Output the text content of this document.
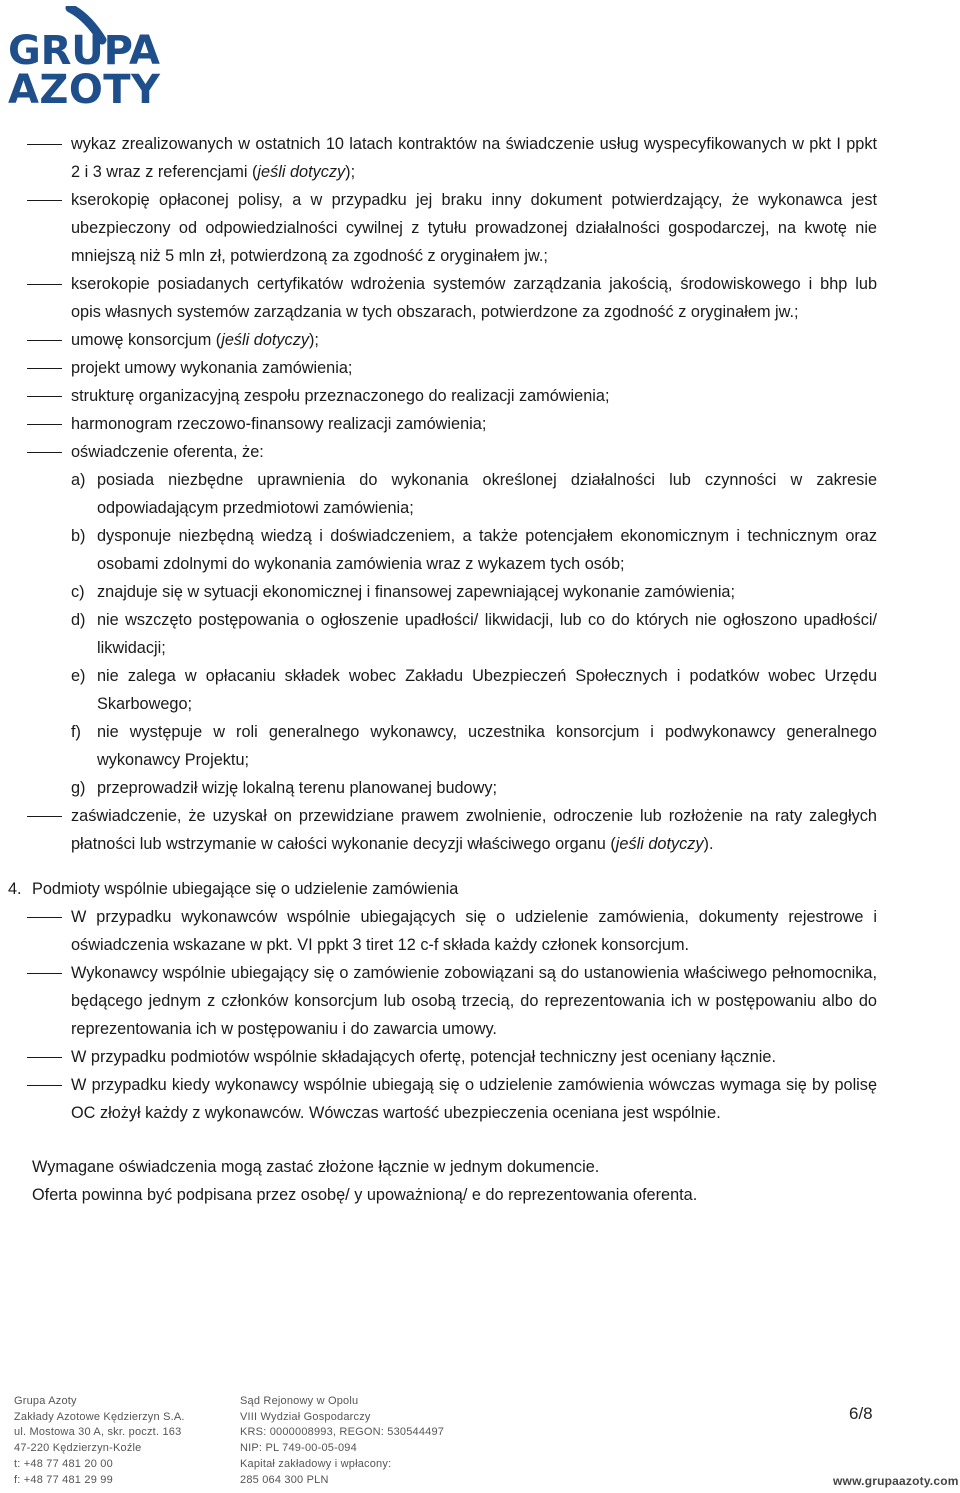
GRUPA
AZOTY
wykaz zrealizowanych w ostatnich 10 latach kontraktów na świadczenie usług wyspecyfikowanych w pkt I ppkt 2 i 3 wraz z referencjami (jeśli dotyczy);
kserokopię opłaconej polisy, a w przypadku jej braku inny dokument potwierdzający, że wykonawca jest ubezpieczony od odpowiedzialności cywilnej z tytułu prowadzonej działalności gospodarczej, na kwotę nie mniejszą niż 5 mln zł, potwierdzoną za zgodność z oryginałem jw.;
kserokopie posiadanych certyfikatów wdrożenia systemów zarządzania jakością, środowiskowego i bhp lub opis własnych systemów zarządzania w tych obszarach, potwierdzone za zgodność z oryginałem jw.;
umowę konsorcjum (jeśli dotyczy);
projekt umowy wykonania zamówienia;
strukturę organizacyjną zespołu przeznaczonego do realizacji zamówienia;
harmonogram rzeczowo-finansowy realizacji zamówienia;
oświadczenie oferenta, że:
a) posiada niezbędne uprawnienia do wykonania określonej działalności lub czynności w zakresie odpowiadającym przedmiotowi zamówienia;
b) dysponuje niezbędną wiedzą i doświadczeniem, a także potencjałem ekonomicznym i technicznym oraz osobami zdolnymi do wykonania zamówienia wraz z wykazem tych osób;
c) znajduje się w sytuacji ekonomicznej i finansowej zapewniającej wykonanie zamówienia;
d) nie wszczęto postępowania o ogłoszenie upadłości/ likwidacji, lub co do których nie ogłoszono upadłości/ likwidacji;
e) nie zalega w opłacaniu składek wobec Zakładu Ubezpieczeń Społecznych i podatków wobec Urzędu Skarbowego;
f) nie występuje w roli generalnego wykonawcy, uczestnika konsorcjum i podwykonawcy generalnego wykonawcy Projektu;
g) przeprowadził wizję lokalną terenu planowanej budowy;
zaświadczenie, że uzyskał on przewidziane prawem zwolnienie, odroczenie lub rozłożenie na raty zaległych płatności lub wstrzymanie w całości wykonanie decyzji właściwego organu (jeśli dotyczy).
4. Podmioty wspólnie ubiegające się o udzielenie zamówienia
W przypadku wykonawców wspólnie ubiegających się o udzielenie zamówienia, dokumenty rejestrowe i oświadczenia wskazane w pkt. VI ppkt 3 tiret 12 c-f składa każdy członek konsorcjum.
Wykonawcy wspólnie ubiegający się o zamówienie zobowiązani są do ustanowienia właściwego pełnomocnika, będącego jednym z członków konsorcjum lub osobą trzecią, do reprezentowania ich w postępowaniu albo do reprezentowania ich w postępowaniu i do zawarcia umowy.
W przypadku podmiotów wspólnie składających ofertę, potencjał techniczny jest oceniany łącznie.
W przypadku kiedy wykonawcy wspólnie ubiegają się o udzielenie zamówienia wówczas wymaga się by polisę OC złożył każdy z wykonawców. Wówczas wartość ubezpieczenia oceniana jest wspólnie.

Wymagane oświadczenia mogą zastać złożone łącznie w jednym dokumencie.

Oferta powinna być podpisana przez osobę/ y upoważnioną/ e do reprezentowania oferenta.

Grupa Azoty
Zakłady Azotowe Kędzierzyn S.A.
ul. Mostowa 30 A, skr. poczt. 163
47-220 Kędzierzyn-Koźle
t: +48 77 481 20 00
f: +48 77 481 29 99
Sąd Rejonowy w Opolu
VIII Wydział Gospodarczy
KRS: 0000008993, REGON: 530544497
NIP: PL 749-00-05-094
Kapitał zakładowy i wpłacony:
285 064 300 PLN
6/8
www.grupaazoty.com
